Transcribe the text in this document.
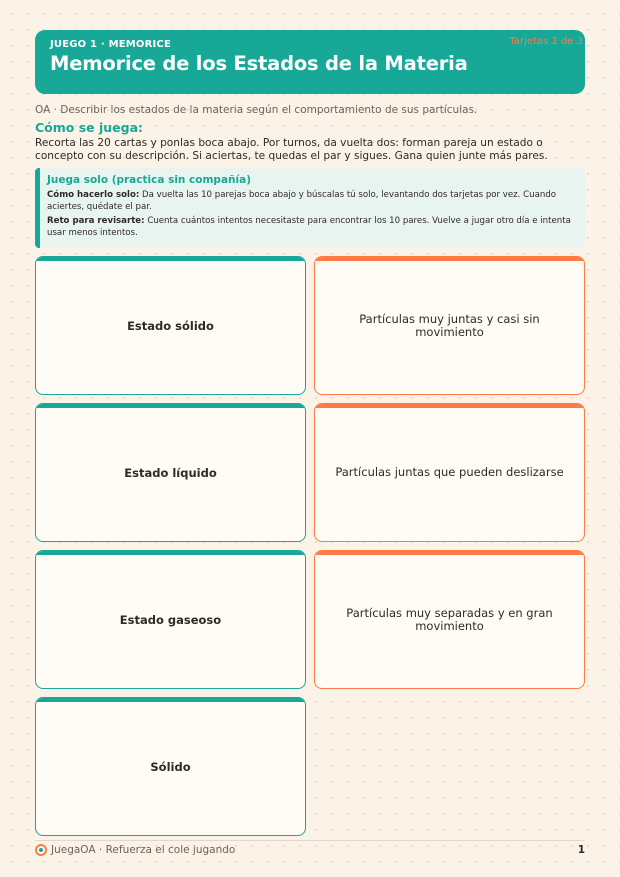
JUEGO 1 · MEMORICE
Memorice de los Estados de la Materia
Tarjetas 1 de 3
OA · Describir los estados de la materia según el comportamiento de sus partículas.
Cómo se juega:
Recorta las 20 cartas y ponlas boca abajo. Por turnos, da vuelta dos: forman pareja un estado o concepto con su descripción. Si aciertas, te quedas el par y sigues. Gana quien junte más pares.
Juega solo (practica sin compañía)

Cómo hacerlo solo: Da vuelta las 10 parejas boca abajo y búscalas tú solo, levantando dos tarjetas por vez. Cuando aciertes, quédate el par.

Reto para revisarte: Cuenta cuántos intentos necesitaste para encontrar los 10 pares. Vuelve a jugar otro día e intenta usar menos intentos.

Estado sólido	Partículas muy juntas y casi sin movimiento
Estado líquido	Partículas juntas que pueden deslizarse
Estado gaseoso	Partículas muy separadas y en gran movimiento
Sólido
JuegaOA · Refuerza el cole jugando	1
